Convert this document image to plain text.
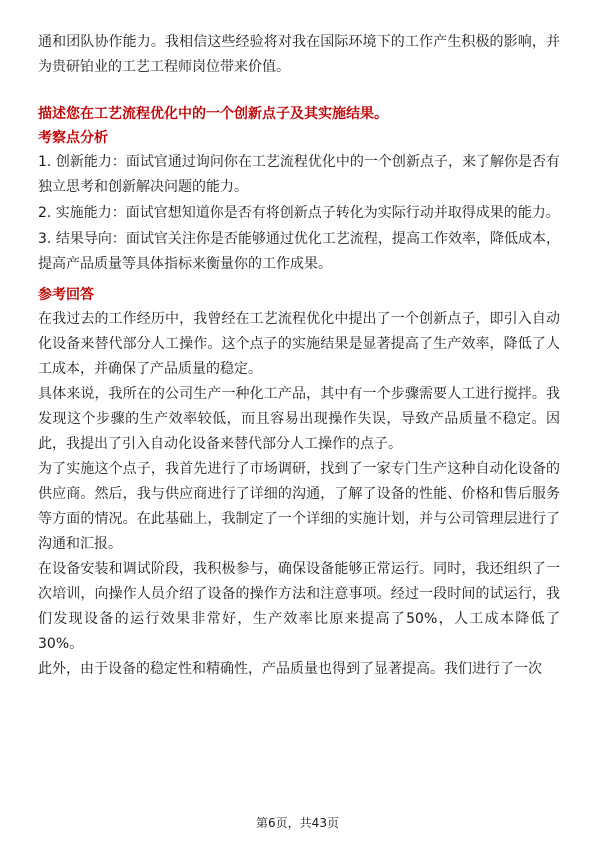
通和团队协作能力。我相信这些经验将对我在国际环境下的工作产生积极的影响，并为贵研铂业的工艺工程师岗位带来价值。

描述您在工艺流程优化中的一个创新点子及其实施结果。

考察点分析

1. 创新能力：面试官通过询问你在工艺流程优化中的一个创新点子，来了解你是否有独立思考和创新解决问题的能力。

2. 实施能力：面试官想知道你是否有将创新点子转化为实际行动并取得成果的能力。

3. 结果导向：面试官关注你是否能够通过优化工艺流程，提高工作效率，降低成本，提高产品质量等具体指标来衡量你的工作成果。

参考回答

在我过去的工作经历中，我曾经在工艺流程优化中提出了一个创新点子，即引入自动化设备来替代部分人工操作。这个点子的实施结果是显著提高了生产效率，降低了人工成本，并确保了产品质量的稳定。

具体来说，我所在的公司生产一种化工产品，其中有一个步骤需要人工进行搅拌。我发现这个步骤的生产效率较低，而且容易出现操作失误，导致产品质量不稳定。因此，我提出了引入自动化设备来替代部分人工操作的点子。

为了实施这个点子，我首先进行了市场调研，找到了一家专门生产这种自动化设备的供应商。然后，我与供应商进行了详细的沟通，了解了设备的性能、价格和售后服务等方面的情况。在此基础上，我制定了一个详细的实施计划，并与公司管理层进行了沟通和汇报。

在设备安装和调试阶段，我积极参与，确保设备能够正常运行。同时，我还组织了一次培训，向操作人员介绍了设备的操作方法和注意事项。经过一段时间的试运行，我们发现设备的运行效果非常好，生产效率比原来提高了50%，人工成本降低了30%。

此外，由于设备的稳定性和精确性，产品质量也得到了显著提高。我们进行了一次

第6页，共43页
